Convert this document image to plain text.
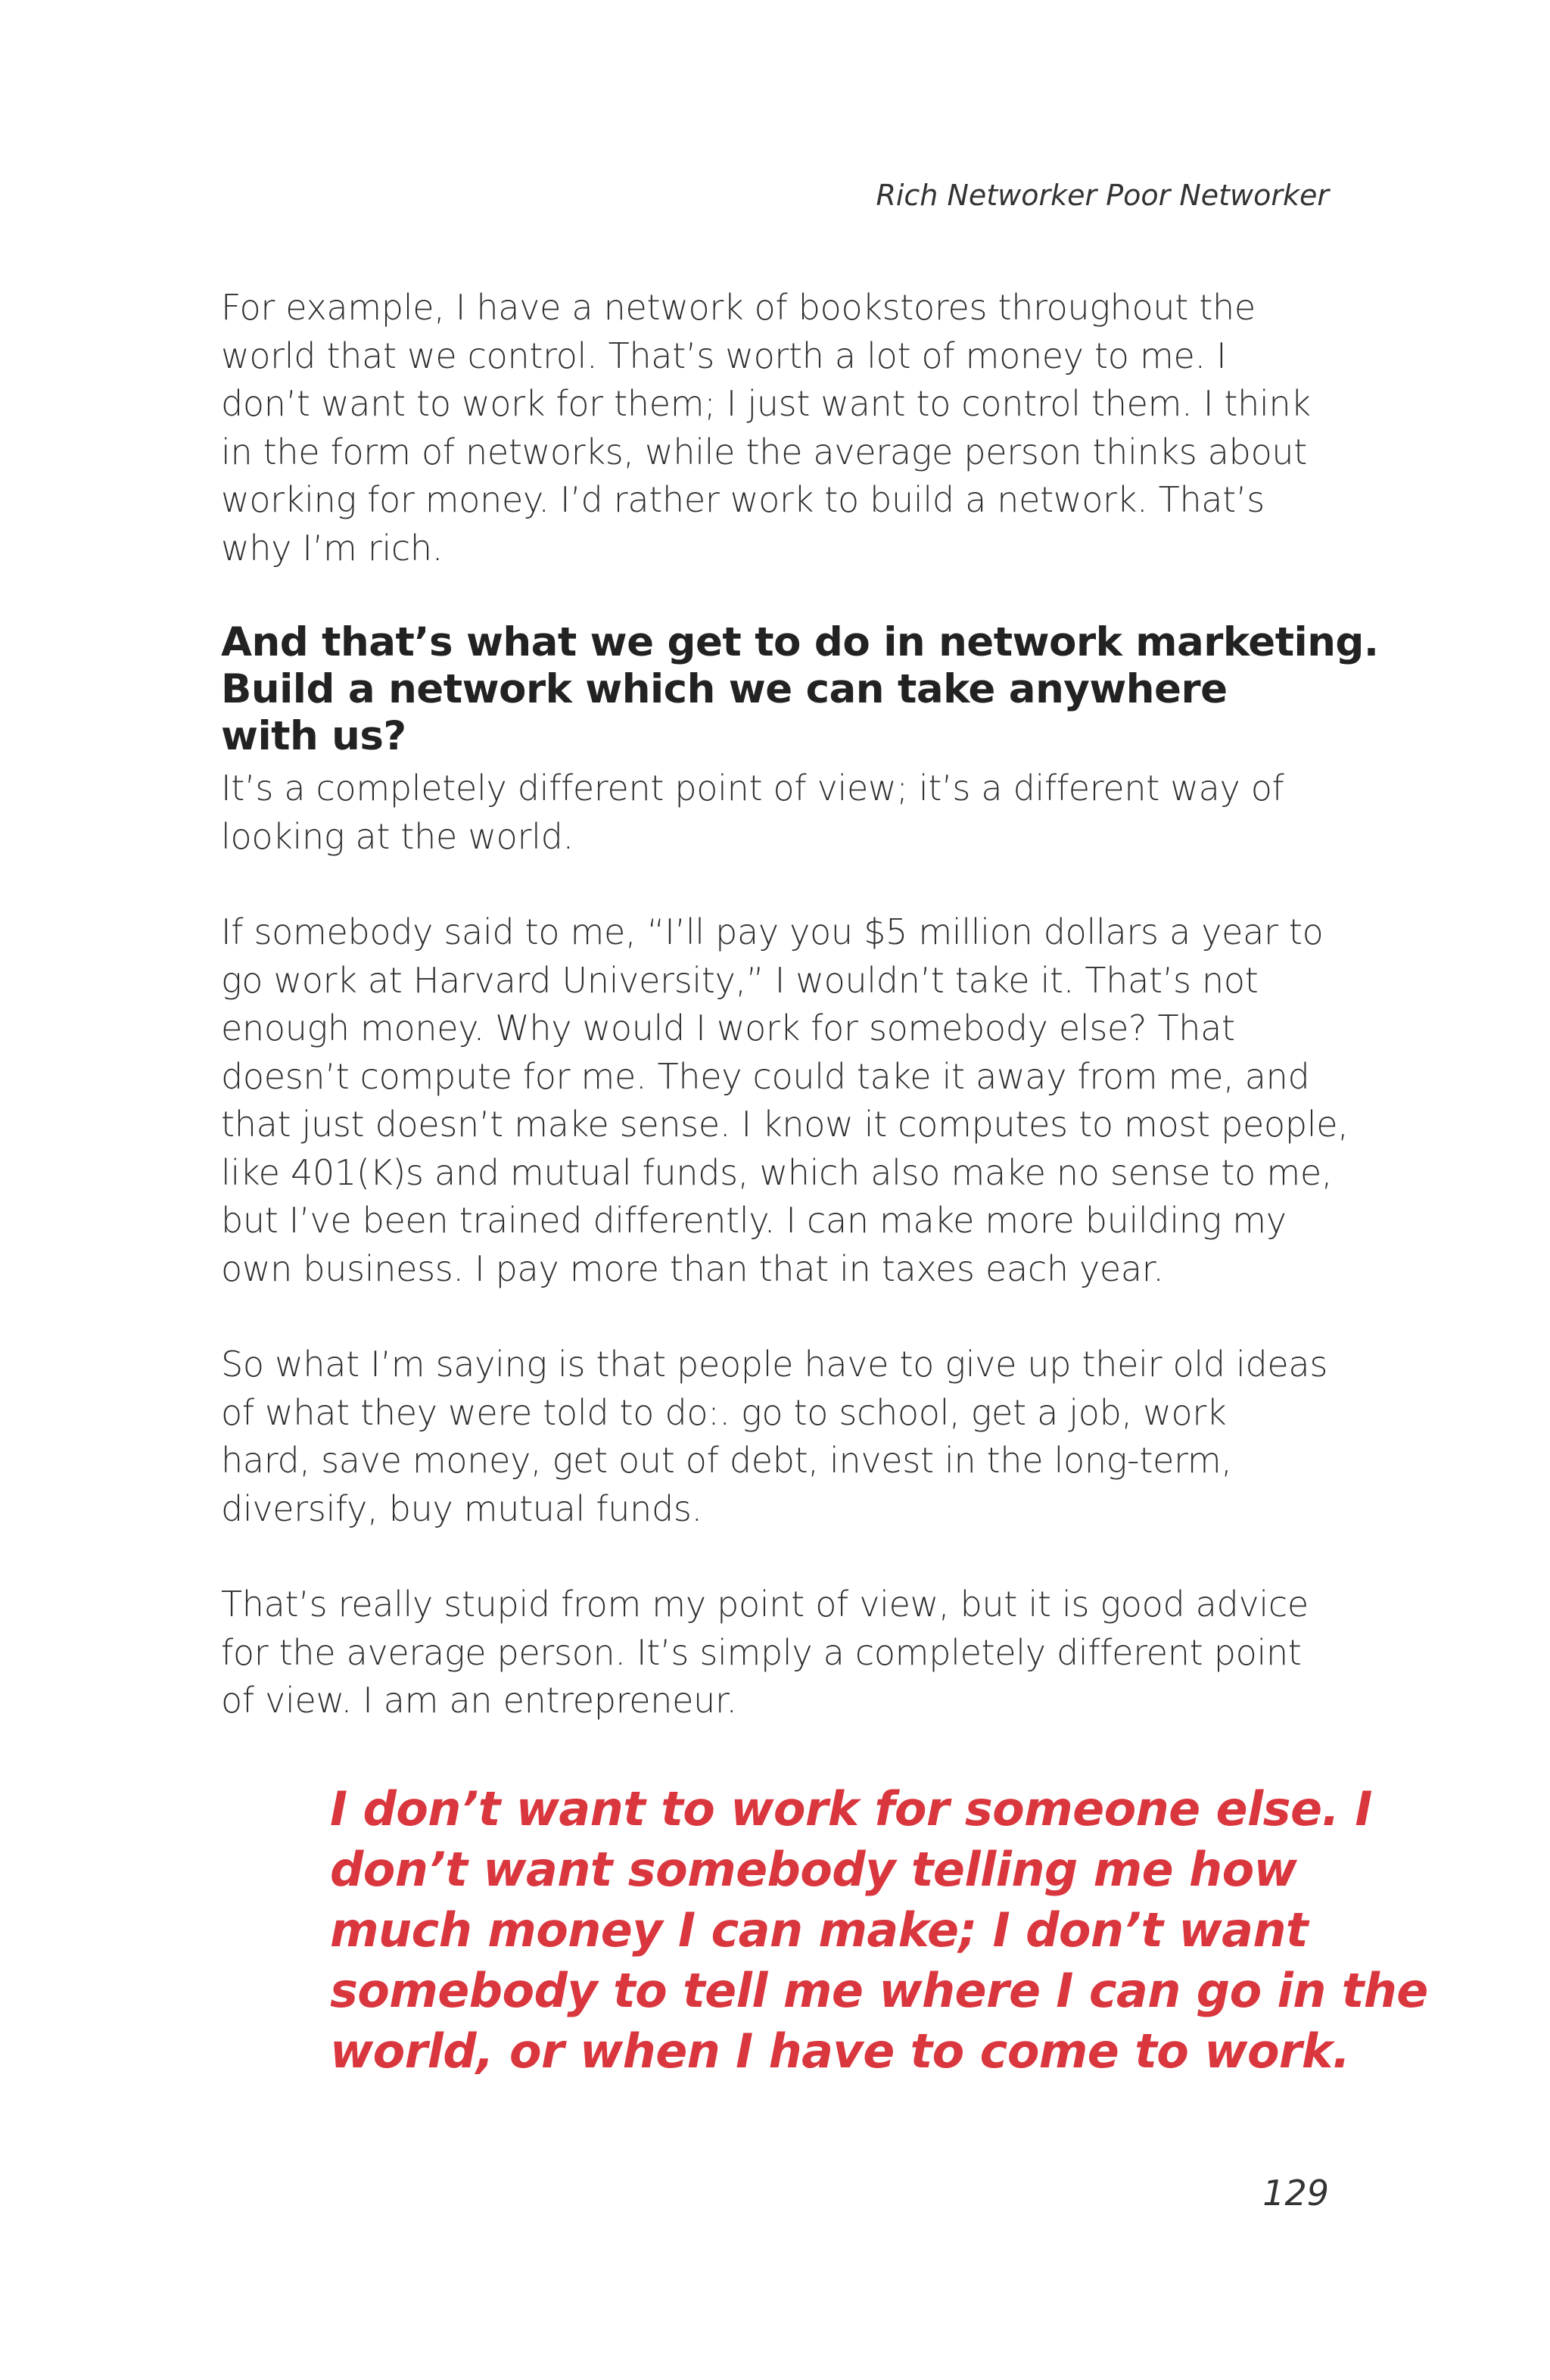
Rich Networker Poor Networker

For example, I have a network of bookstores throughout the
world that we control. That’s worth a lot of money to me. I
don’t want to work for them; I just want to control them. I think
in the form of networks, while the average person thinks about
working for money. I’d rather work to build a network. That’s
why I’m rich.

And that’s what we get to do in network marketing.
Build a network which we can take anywhere
with us?

It’s a completely different point of view; it’s a different way of
looking at the world.

If somebody said to me, “I’ll pay you $5 million dollars a year to
go work at Harvard University,” I wouldn’t take it. That’s not
enough money. Why would I work for somebody else? That
doesn’t compute for me. They could take it away from me, and
that just doesn’t make sense. I know it computes to most people,
like 401(K)s and mutual funds, which also make no sense to me,
but I’ve been trained differently. I can make more building my
own business. I pay more than that in taxes each year.

So what I’m saying is that people have to give up their old ideas
of what they were told to do:. go to school, get a job, work
hard, save money, get out of debt, invest in the long-term,
diversify, buy mutual funds.

That’s really stupid from my point of view, but it is good advice
for the average person. It’s simply a completely different point
of view. I am an entrepreneur.

I don’t want to work for someone else. I
don’t want somebody telling me how
much money I can make; I don’t want
somebody to tell me where I can go in the
world, or when I have to come to work.
129
